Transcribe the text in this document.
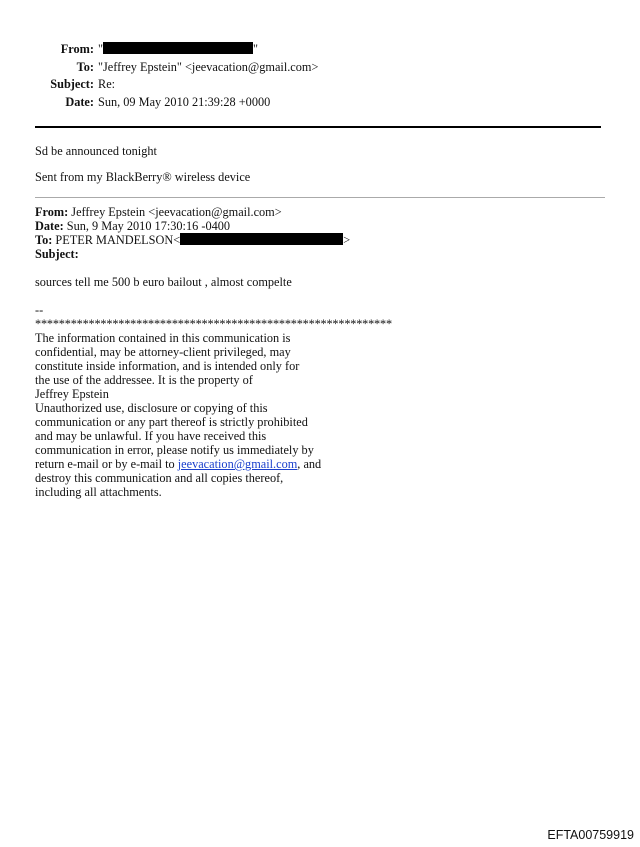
From: "	"
To: "Jeffrey Epstein" <jeevacation@gmail.com>
Subject: Re:
Date: Sun, 09 May 2010 21:39:28 +0000
Sd be announced tonight
Sent from my BlackBerry® wireless device
From: Jeffrey Epstein <jeevacation@gmail.com>
Date: Sun, 9 May 2010 17:30:16 -0400
To: PETER MANDELSON<	>
Subject:
sources tell me 500 b euro bailout , almost compelte
--
************************************************************
The information contained in this communication is
confidential, may be attorney-client privileged, may
constitute inside information, and is intended only for
the use of the addressee. It is the property of
Jeffrey Epstein
Unauthorized use, disclosure or copying of this
communication or any part thereof is strictly prohibited
and may be unlawful. If you have received this
communication in error, please notify us immediately by
return e-mail or by e-mail to jeevacation@gmail.com, and
destroy this communication and all copies thereof,
including all attachments.
EFTA00759919
